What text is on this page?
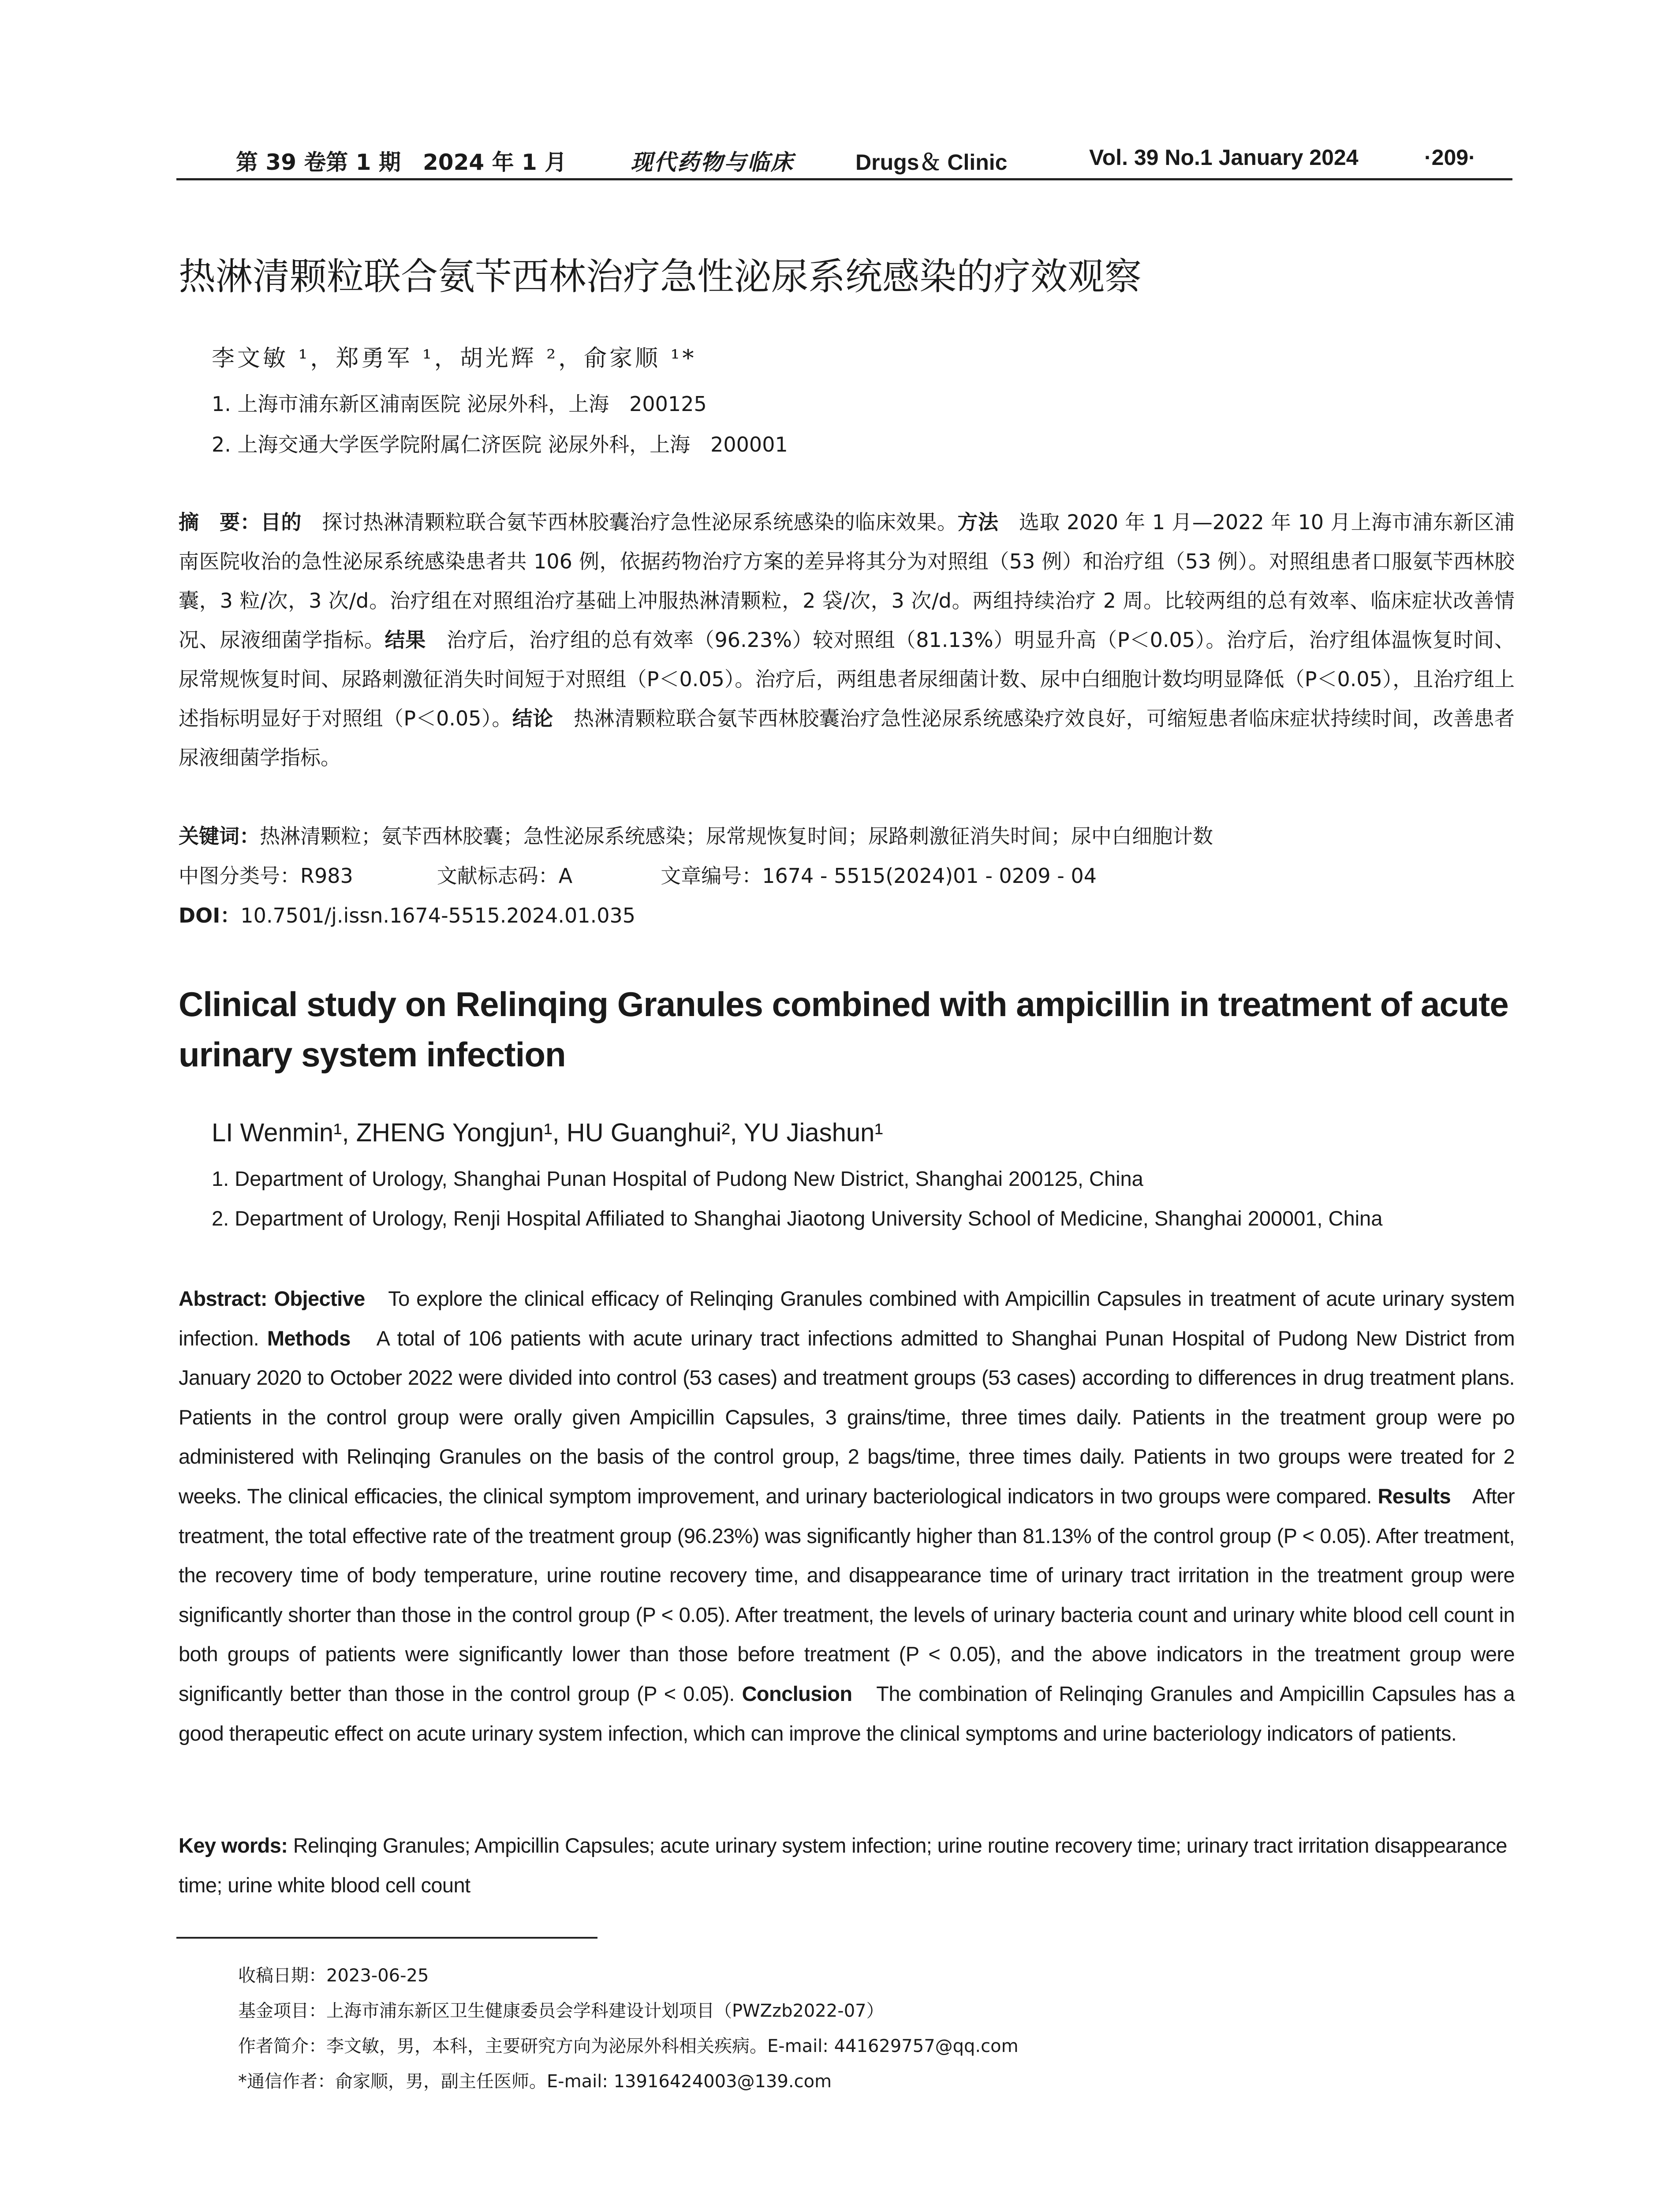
第 39 卷第 1 期　2024 年 1 月	现代药物与临床	Drugs＆ Clinic	Vol. 39 No.1 January 2024	·209·
热淋清颗粒联合氨苄西林治疗急性泌尿系统感染的疗效观察
李文敏 ¹，郑勇军 ¹，胡光辉 ²，俞家顺 ¹*
1. 上海市浦东新区浦南医院 泌尿外科，上海　200125
2. 上海交通大学医学院附属仁济医院 泌尿外科，上海　200001

摘　要：目的　探讨热淋清颗粒联合氨苄西林胶囊治疗急性泌尿系统感染的临床效果。方法　选取 2020 年 1 月—2022 年 10 月上海市浦东新区浦南医院收治的急性泌尿系统感染患者共 106 例，依据药物治疗方案的差异将其分为对照组（53 例）和治疗组（53 例）。对照组患者口服氨苄西林胶囊，3 粒/次，3 次/d。治疗组在对照组治疗基础上冲服热淋清颗粒，2 袋/次，3 次/d。两组持续治疗 2 周。比较两组的总有效率、临床症状改善情况、尿液细菌学指标。结果　治疗后，治疗组的总有效率（96.23%）较对照组（81.13%）明显升高（P＜0.05）。治疗后，治疗组体温恢复时间、尿常规恢复时间、尿路刺激征消失时间短于对照组（P＜0.05）。治疗后，两组患者尿细菌计数、尿中白细胞计数均明显降低（P＜0.05），且治疗组上述指标明显好于对照组（P＜0.05）。结论　热淋清颗粒联合氨苄西林胶囊治疗急性泌尿系统感染疗效良好，可缩短患者临床症状持续时间，改善患者尿液细菌学指标。

关键词：热淋清颗粒；氨苄西林胶囊；急性泌尿系统感染；尿常规恢复时间；尿路刺激征消失时间；尿中白细胞计数
中图分类号：R983	文献标志码：A	文章编号：1674 - 5515(2024)01 - 0209 - 04
DOI：10.7501/j.issn.1674-5515.2024.01.035
Clinical study on Relinqing Granules combined with ampicillin in treatment of acute urinary system infection
LI Wenmin¹, ZHENG Yongjun¹, HU Guanghui², YU Jiashun¹
1. Department of Urology, Shanghai Punan Hospital of Pudong New District, Shanghai 200125, China
2. Department of Urology, Renji Hospital Affiliated to Shanghai Jiaotong University School of Medicine, Shanghai 200001, China

Abstract: Objective　To explore the clinical efficacy of Relinqing Granules combined with Ampicillin Capsules in treatment of acute urinary system infection. Methods　A total of 106 patients with acute urinary tract infections admitted to Shanghai Punan Hospital of Pudong New District from January 2020 to October 2022 were divided into control (53 cases) and treatment groups (53 cases) according to differences in drug treatment plans. Patients in the control group were orally given Ampicillin Capsules, 3 grains/time, three times daily. Patients in the treatment group were po administered with Relinqing Granules on the basis of the control group, 2 bags/time, three times daily. Patients in two groups were treated for 2 weeks. The clinical efficacies, the clinical symptom improvement, and urinary bacteriological indicators in two groups were compared. Results　After treatment, the total effective rate of the treatment group (96.23%) was significantly higher than 81.13% of the control group (P < 0.05). After treatment, the recovery time of body temperature, urine routine recovery time, and disappearance time of urinary tract irritation in the treatment group were significantly shorter than those in the control group (P < 0.05). After treatment, the levels of urinary bacteria count and urinary white blood cell count in both groups of patients were significantly lower than those before treatment (P < 0.05), and the above indicators in the treatment group were significantly better than those in the control group (P < 0.05). Conclusion　The combination of Relinqing Granules and Ampicillin Capsules has a good therapeutic effect on acute urinary system infection, which can improve the clinical symptoms and urine bacteriology indicators of patients.

Key words: Relinqing Granules; Ampicillin Capsules; acute urinary system infection; urine routine recovery time; urinary tract irritation disappearance time; urine white blood cell count

收稿日期：2023-06-25
基金项目：上海市浦东新区卫生健康委员会学科建设计划项目（PWZzb2022-07）
作者简介：李文敏，男，本科，主要研究方向为泌尿外科相关疾病。E-mail: 441629757@qq.com
*通信作者：俞家顺，男，副主任医师。E-mail: 13916424003@139.com
